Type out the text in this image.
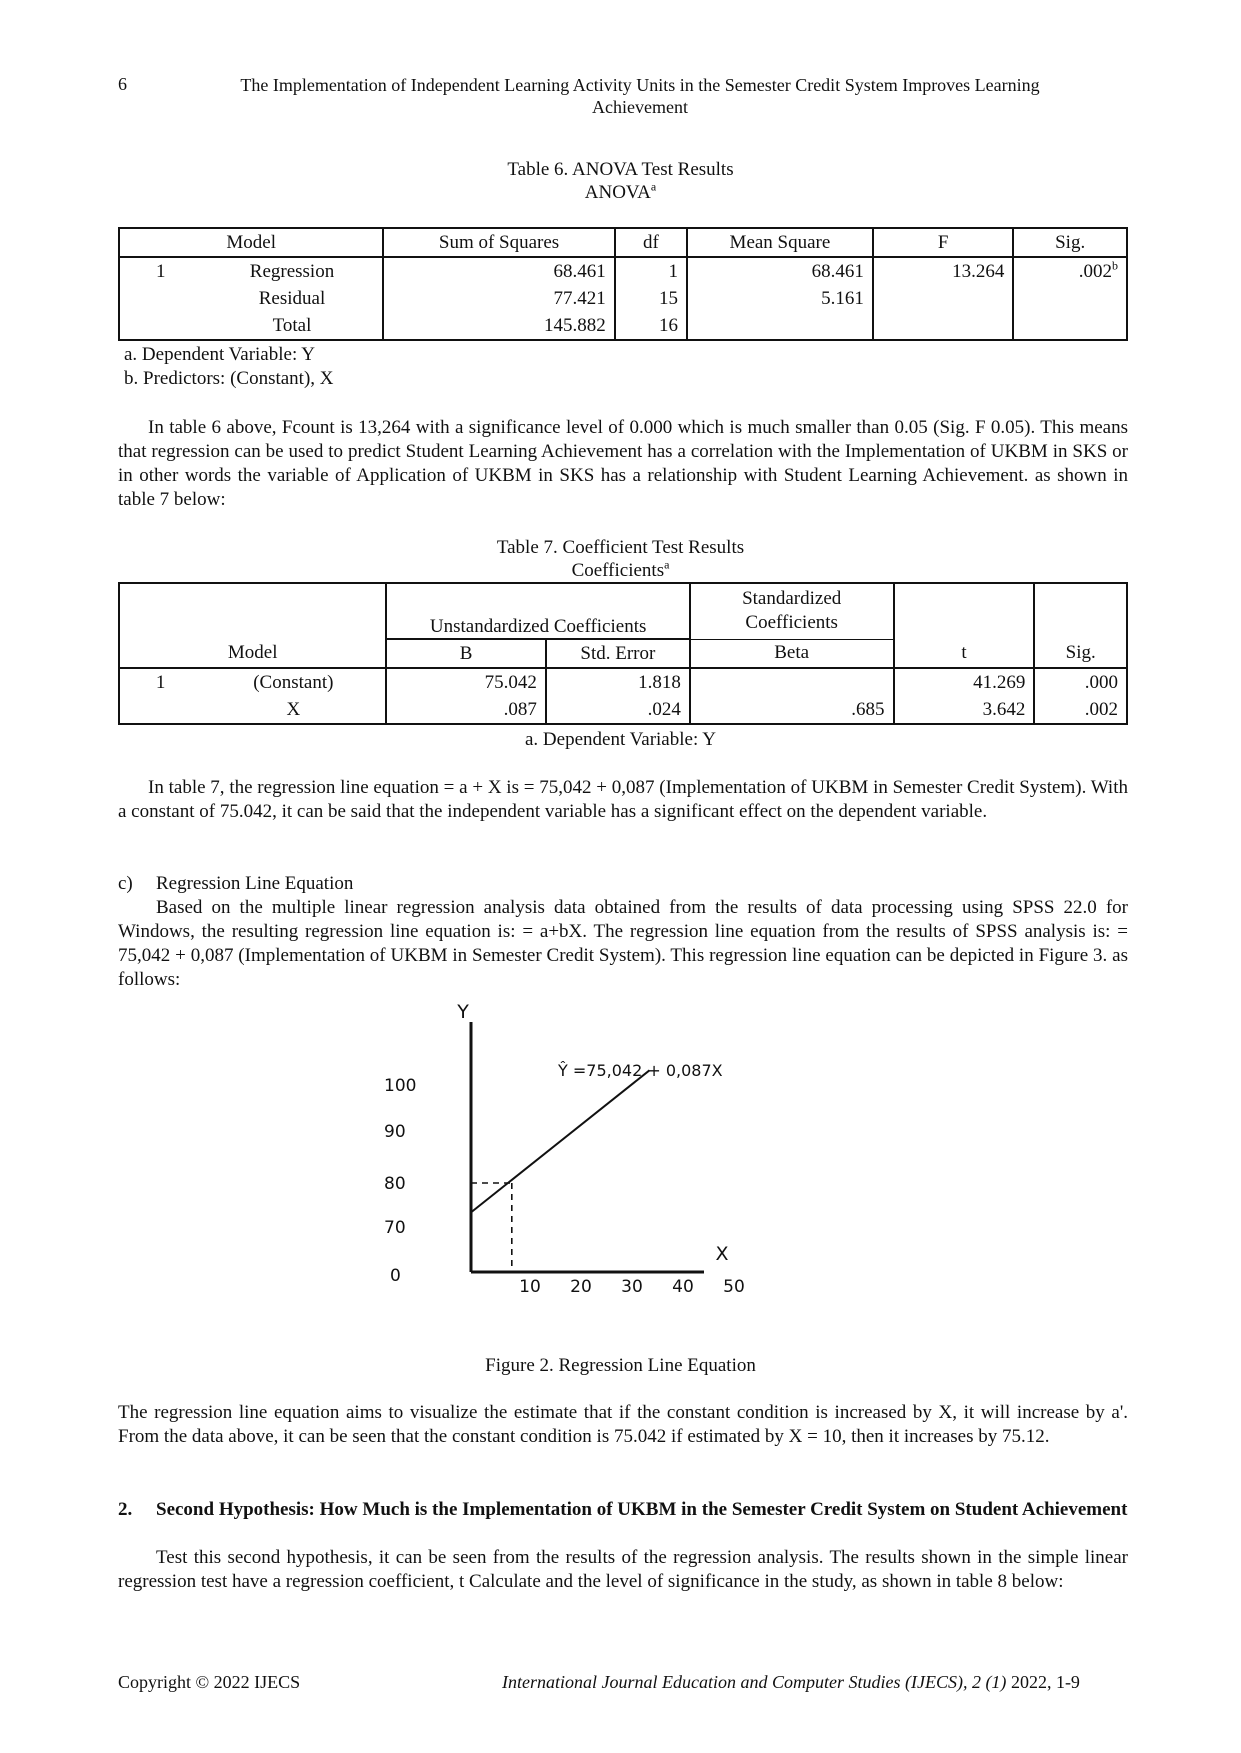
6	The Implementation of Independent Learning Activity Units in the Semester Credit System Improves Learning Achievement
Table 6. ANOVA Test Results
ANOVA$^a$
Model		Sum of Squares	df	Mean Square	F	Sig.
1	Regression	68.461	1	68.461	13.264	.002$^b$
	Residual	77.421	15	5.161		
	Total	145.882	16			
a. Dependent Variable: Y
b. Predictors: (Constant), X
In table 6 above, Fcount is 13,264 with a significance level of 0.000 which is much smaller than 0.05 (Sig. F 0.05). This means that regression can be used to predict Student Learning Achievement has a correlation with the Implementation of UKBM in SKS or in other words the variable of Application of UKBM in SKS has a relationship with Student Learning Achievement. as shown in table 7 below:
Table 7. Coefficient Test Results
Coefficients$^a$
		Unstandardized Coefficients		Standardized Coefficients		
Model		B	Std. Error	Beta	t	Sig.
1	(Constant)	75.042	1.818		41.269	.000
	X	.087	.024	.685	3.642	.002
a. Dependent Variable: Y
In table 7, the regression line equation = a + X is = 75,042 + 0,087 (Implementation of UKBM in Semester Credit System). With a constant of 75.042, it can be said that the independent variable has a significant effect on the dependent variable.
c) Regression Line Equation
Based on the multiple linear regression analysis data obtained from the results of data processing using SPSS 22.0 for Windows, the resulting regression line equation is: = a+bX. The regression line equation from the results of SPSS analysis is: = 75,042 + 0,087 (Implementation of UKBM in Semester Credit System). This regression line equation can be depicted in Figure 3. as follows:
Y
X
0
70
80
90
100
10 20 30 40 50
Ŷ =75,042 + 0,087X
Figure 2. Regression Line Equation
The regression line equation aims to visualize the estimate that if the constant condition is increased by X, it will increase by a'. From the data above, it can be seen that the constant condition is 75.042 if estimated by X = 10, then it increases by 75.12.
2. Second Hypothesis: How Much is the Implementation of UKBM in the Semester Credit System on Student Achievement
Test this second hypothesis, it can be seen from the results of the regression analysis. The results shown in the simple linear regression test have a regression coefficient, t Calculate and the level of significance in the study, as shown in table 8 below:
Copyright © 2022 IJECS	International Journal Education and Computer Studies (IJECS), 2 (1) 2022, 1-9
